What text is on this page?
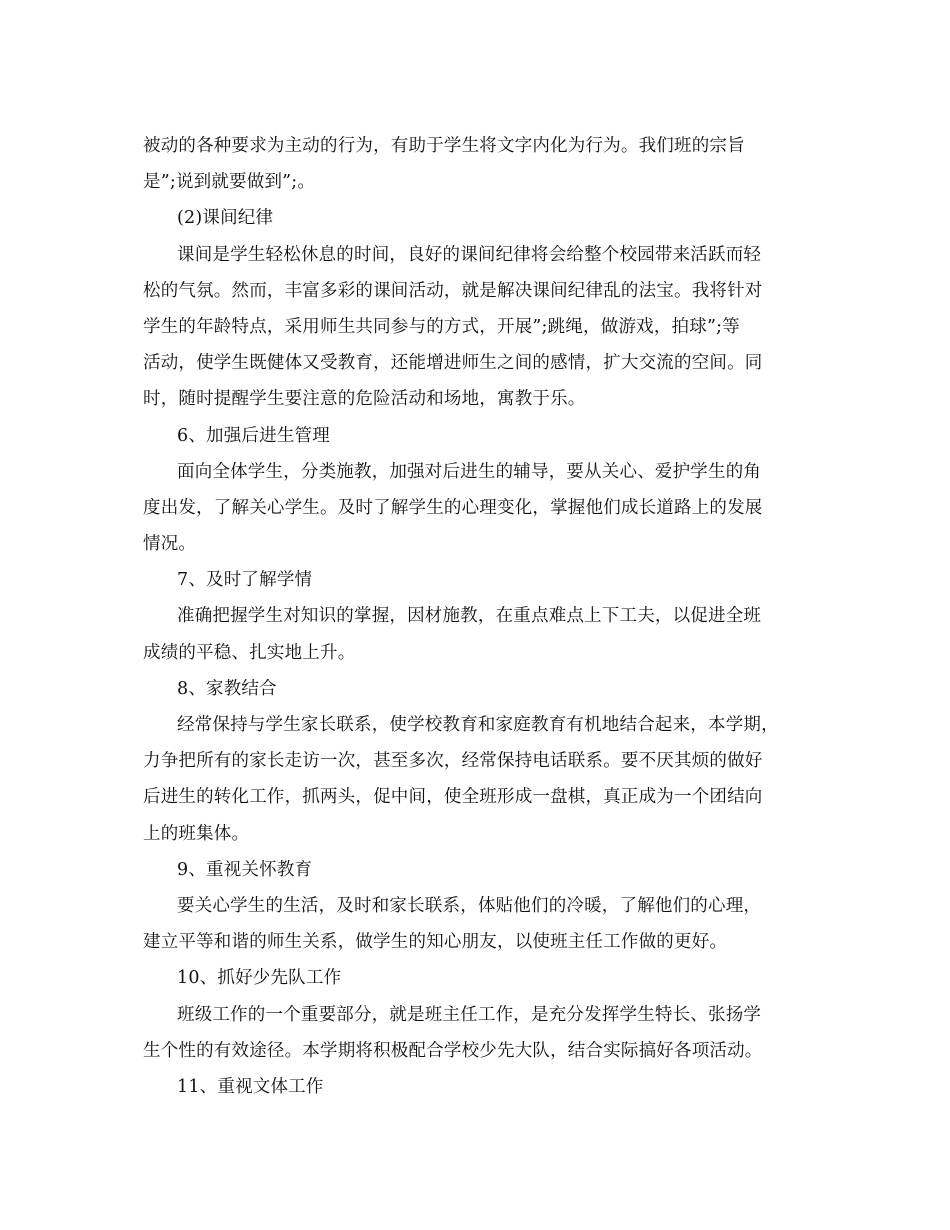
被动的各种要求为主动的行为，有助于学生将文字内化为行为。我们班的宗旨
是”;说到就要做到”;。
(2)课间纪律
课间是学生轻松休息的时间，良好的课间纪律将会给整个校园带来活跃而轻
松的气氛。然而，丰富多彩的课间活动，就是解决课间纪律乱的法宝。我将针对
学生的年龄特点，采用师生共同参与的方式，开展”;跳绳，做游戏，拍球”;等
活动，使学生既健体又受教育，还能增进师生之间的感情，扩大交流的空间。同
时，随时提醒学生要注意的危险活动和场地，寓教于乐。
6、加强后进生管理
面向全体学生，分类施教，加强对后进生的辅导，要从关心、爱护学生的角
度出发，了解关心学生。及时了解学生的心理变化，掌握他们成长道路上的发展
情况。
7、及时了解学情
准确把握学生对知识的掌握，因材施教，在重点难点上下工夫，以促进全班
成绩的平稳、扎实地上升。
8、家教结合
经常保持与学生家长联系，使学校教育和家庭教育有机地结合起来，本学期，
力争把所有的家长走访一次，甚至多次，经常保持电话联系。要不厌其烦的做好
后进生的转化工作，抓两头，促中间，使全班形成一盘棋，真正成为一个团结向
上的班集体。
9、重视关怀教育
要关心学生的生活，及时和家长联系，体贴他们的冷暖，了解他们的心理，
建立平等和谐的师生关系，做学生的知心朋友，以使班主任工作做的更好。
10、抓好少先队工作
班级工作的一个重要部分，就是班主任工作，是充分发挥学生特长、张扬学
生个性的有效途径。本学期将积极配合学校少先大队，结合实际搞好各项活动。
11、重视文体工作
